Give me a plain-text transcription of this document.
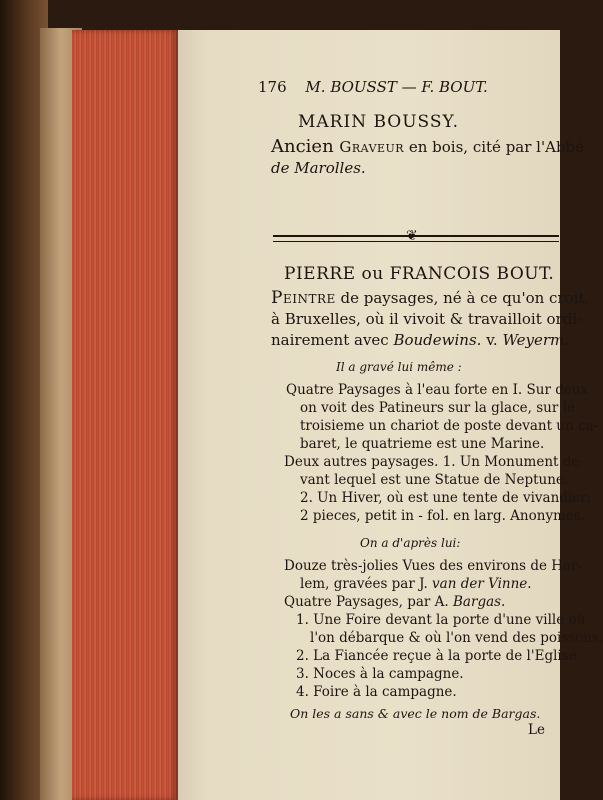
176 M. BOUSST — F. BOUT.
MARIN BOUSSY.
Ancien Graveur en bois, cité par l'Abbé
de Marolles.
❦
PIERRE ou FRANCOIS BOUT.
Peintre de paysages, né à ce qu'on croit,
à Bruxelles, où il vivoit & travailloit ordi-
nairement avec Boudewins. v. Weyerm.
Il a gravé lui même :
Quatre Paysages à l'eau forte en I. Sur deux
on voit des Patineurs sur la glace, sur le
troisieme un chariot de poste devant un ca-
baret, le quatrieme est une Marine.
Deux autres paysages. 1. Un Monument de-
vant lequel est une Statue de Neptune.
2. Un Hiver, où est une tente de vivandier;
2 pieces, petit in - fol. en larg. Anonymes.
On a d'après lui:
Douze très-jolies Vues des environs de Har-
lem, gravées par J. van der Vinne.
Quatre Paysages, par A. Bargas.
1. Une Foire devant la porte d'une ville où
l'on débarque & où l'on vend des poissons.
2. La Fiancée reçue à la porte de l'Eglise.
3. Noces à la campagne.
4. Foire à la campagne.
On les a sans & avec le nom de Bargas.
Le
